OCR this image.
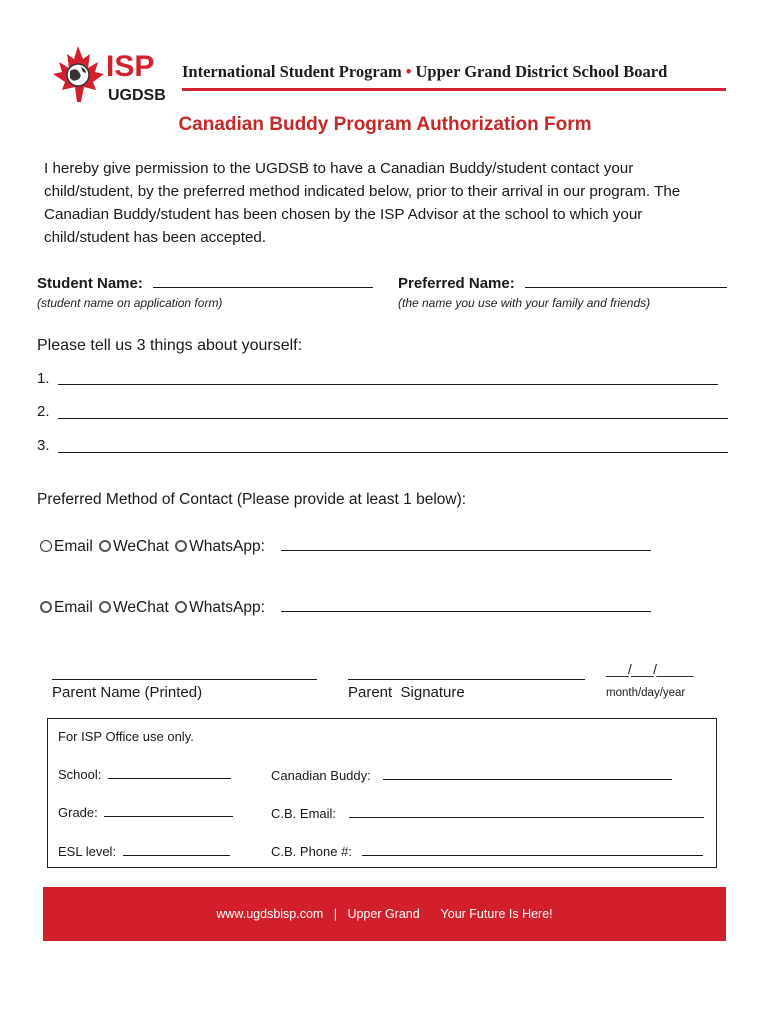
ISP
UGDSB
International Student Program • Upper Grand District School Board
Canadian Buddy Program Authorization Form
I hereby give permission to the UGDSB to have a Canadian Buddy/student contact your child/student, by the preferred method indicated below, prior to their arrival in our program. The Canadian Buddy/student has been chosen by the ISP Advisor at the school to which your child/student has been accepted.
Student Name:
(student name on application form)
Preferred Name:
(the name you use with your family and friends)
Please tell us 3 things about yourself:
1.
2.
3.
Preferred Method of Contact (Please provide at least 1 below):
Email WeChat WhatsApp:
Email WeChat WhatsApp:
Parent Name (Printed)	Parent  Signature
___/___/_____
month/day/year
For ISP Office use only.
School:
Grade:
ESL level:
Canadian Buddy:
C.B. Email:
C.B. Phone #:
www.ugdsbisp.com
|
Upper Grand
Your Future Is Here!
